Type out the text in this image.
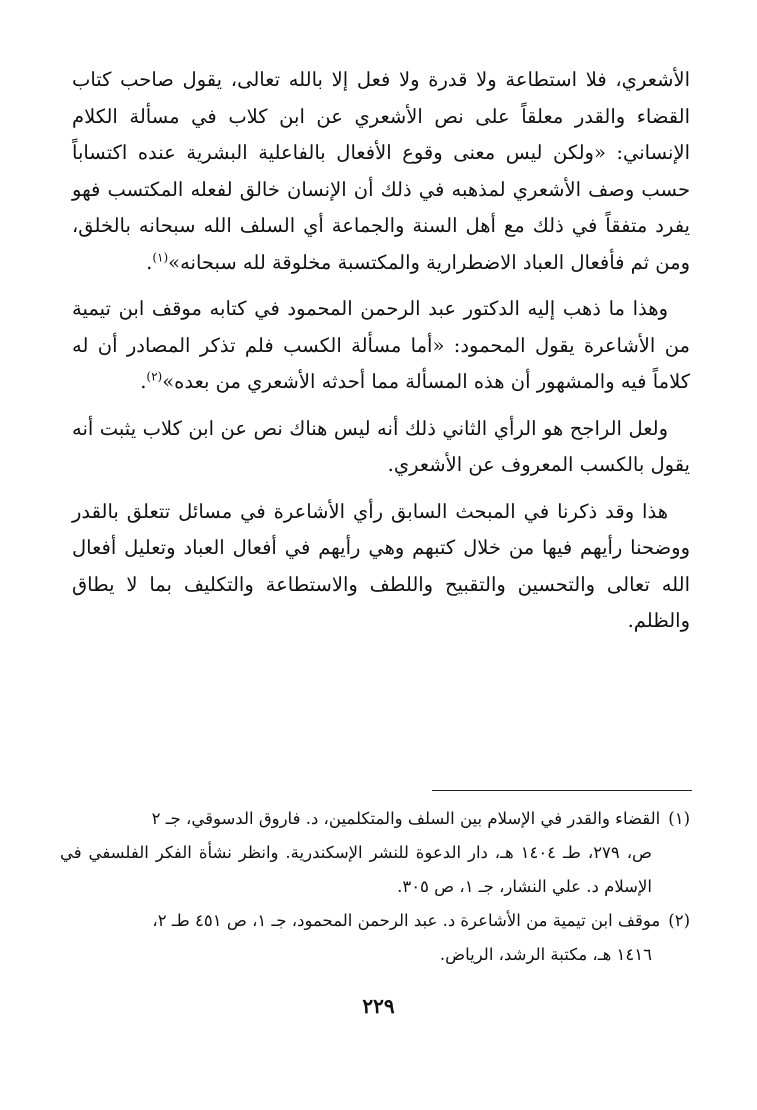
الأشعري، فلا استطاعة ولا قدرة ولا فعل إلا بالله تعالى، يقول صاحب كتاب القضاء والقدر معلقاً على نص الأشعري عن ابن كلاب في مسألة الكلام الإنساني: «ولكن ليس معنى وقوع الأفعال بالفاعلية البشرية عنده اكتساباً حسب وصف الأشعري لمذهبه في ذلك أن الإنسان خالق لفعله المكتسب فهو يفرد متفقاً في ذلك مع أهل السنة والجماعة أي السلف الله سبحانه بالخلق، ومن ثم فأفعال العباد الاضطرارية والمكتسبة مخلوقة لله سبحانه»$^{(١)}$.

وهذا ما ذهب إليه الدكتور عبد الرحمن المحمود في كتابه موقف ابن تيمية من الأشاعرة يقول المحمود: «أما مسألة الكسب فلم تذكر المصادر أن له كلاماً فيه والمشهور أن هذه المسألة مما أحدثه الأشعري من بعده»$^{(٢)}$.

ولعل الراجح هو الرأي الثاني ذلك أنه ليس هناك نص عن ابن كلاب يثبت أنه يقول بالكسب المعروف عن الأشعري.

هذا وقد ذكرنا في المبحث السابق رأي الأشاعرة في مسائل تتعلق بالقدر ووضحنا رأيهم فيها من خلال كتبهم وهي رأيهم في أفعال العباد وتعليل أفعال الله تعالى والتحسين والتقبيح واللطف والاستطاعة والتكليف بما لا يطاق والظلم.

(١)القضاء والقدر في الإسلام بين السلف والمتكلمين، د. فاروق الدسوقي، جـ ٢

ص، ٢٧٩، طـ ١٤٠٤ هـ، دار الدعوة للنشر الإسكندرية. وانظر نشأة الفكر الفلسفي في الإسلام د. علي النشار، جـ ١، ص ٣٠٥.

(٢)موقف ابن تيمية من الأشاعرة د. عبد الرحمن المحمود، جـ ١، ص ٤٥١ طـ ٢،

١٤١٦ هـ، مكتبة الرشد، الرياض.

٢٢٩
